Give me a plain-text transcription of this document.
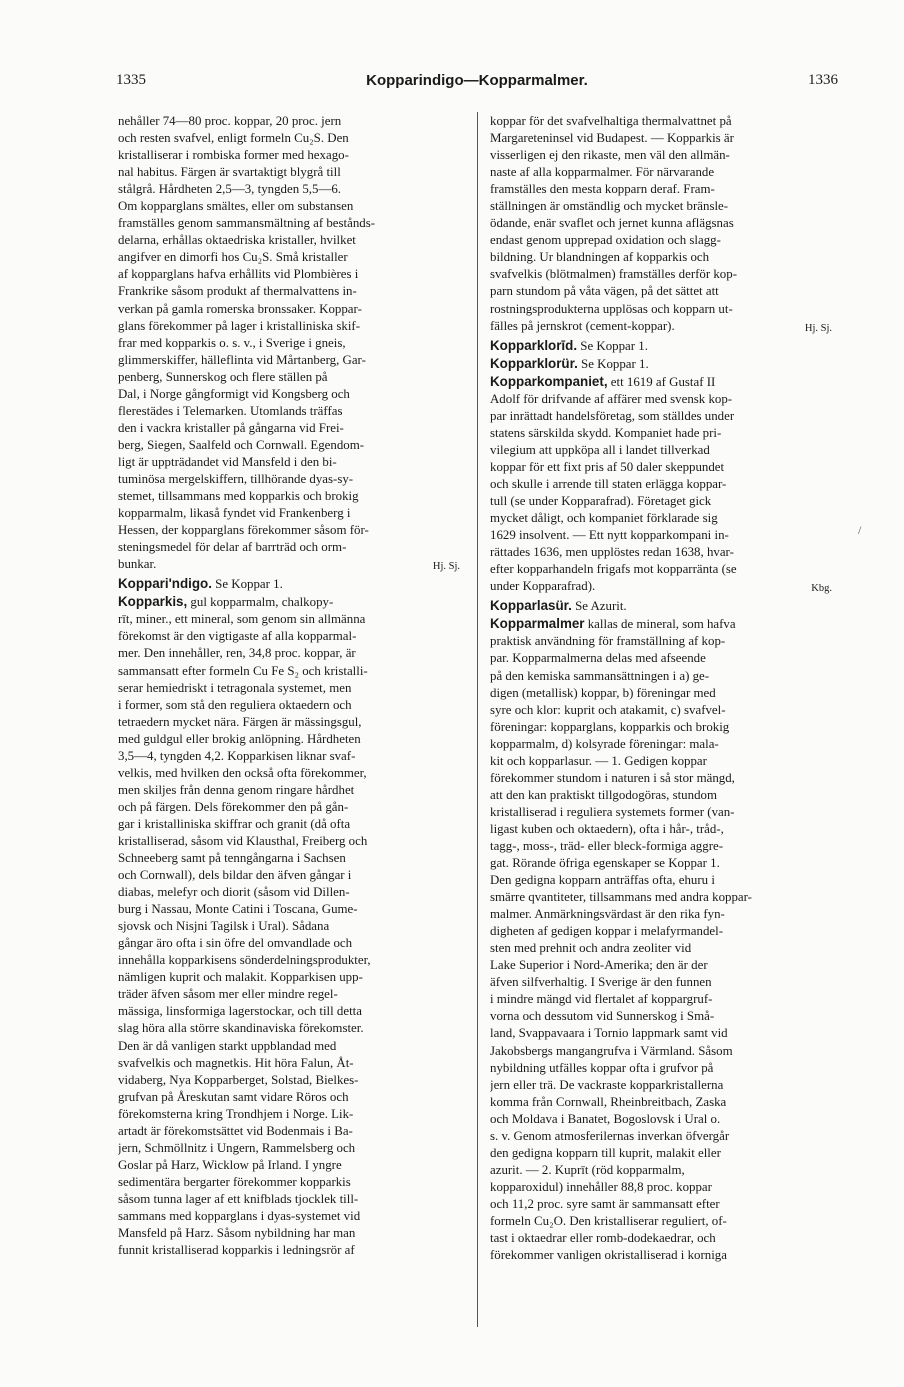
1335	Kopparindigo—Kopparmalmer.	1336

nehåller 74—80 proc. koppar, 20 proc. jern
och resten svafvel, enligt formeln Cu₂S. Den
kristalliserar i rombiska former med hexago-
nal habitus. Färgen är svartaktigt blygrå till
stålgrå. Hårdheten 2,5—3, tyngden 5,5—6.
Om kopparglans smältes, eller om substansen
framställes genom sammansmältning af bestånds-
delarna, erhållas oktaedriska kristaller, hvilket
angifver en dimorfi hos Cu₂S. Små kristaller
af kopparglans hafva erhållits vid Plombières i
Frankrike såsom produkt af thermalvattens in-
verkan på gamla romerska bronssaker. Koppar-
glans förekommer på lager i kristalliniska skif-
frar med kopparkis o. s. v., i Sverige i gneis,
glimmerskiffer, hälleflinta vid Mårtanberg, Gar-
penberg, Sunnerskog och flere ställen på
Dal, i Norge gångformigt vid Kongsberg och
flerestädes i Telemarken. Utomlands träffas
den i vackra kristaller på gångarna vid Frei-
berg, Siegen, Saalfeld och Cornwall. Egendom-
ligt är uppträdandet vid Mansfeld i den bi-
tuminösa mergelskiffern, tillhörande dyas-sy-
stemet, tillsammans med kopparkis och brokig
kopparmalm, likaså fyndet vid Frankenberg i
Hessen, der kopparglans förekommer såsom för-
steningsmedel för delar af barrträd och orm-
bunkar.	Hj. Sj.
Koppari'ndigo. Se Koppar 1.
Kopparkis, gul kopparmalm, chalkopy-
rīt, miner., ett mineral, som genom sin allmänna
förekomst är den vigtigaste af alla kopparmal-
mer. Den innehåller, ren, 34,8 proc. koppar, är
sammansatt efter formeln Cu Fe S₂ och kristalli-
serar hemiedriskt i tetragonala systemet, men
i former, som stå den reguliera oktaedern och
tetraedern mycket nära. Färgen är mässingsgul,
med guldgul eller brokig anlöpning. Hårdheten
3,5—4, tyngden 4,2. Kopparkisen liknar svaf-
velkis, med hvilken den också ofta förekommer,
men skiljes från denna genom ringare hårdhet
och på färgen. Dels förekommer den på gån-
gar i kristalliniska skiffrar och granit (då ofta
kristalliserad, såsom vid Klausthal, Freiberg och
Schneeberg samt på tenngångarna i Sachsen
och Cornwall), dels bildar den äfven gångar i
diabas, melefyr och diorit (såsom vid Dillen-
burg i Nassau, Monte Catini i Toscana, Gume-
sjovsk och Nisjni Tagilsk i Ural). Sådana
gångar äro ofta i sin öfre del omvandlade och
innehålla kopparkisens sönderdelningsprodukter,
nämligen kuprit och malakit. Kopparkisen upp-
träder äfven såsom mer eller mindre regel-
mässiga, linsformiga lagerstockar, och till detta
slag höra alla större skandinaviska förekomster.
Den är då vanligen starkt uppblandad med
svafvelkis och magnetkis. Hit höra Falun, Åt-
vidaberg, Nya Kopparberget, Solstad, Bielkes-
grufvan på Åreskutan samt vidare Röros och
förekomsterna kring Trondhjem i Norge. Lik-
artadt är förekomstsättet vid Bodenmais i Ba-
jern, Schmöllnitz i Ungern, Rammelsberg och
Goslar på Harz, Wicklow på Irland. I yngre
sedimentära bergarter förekommer kopparkis
såsom tunna lager af ett knifblads tjocklek till-
sammans med kopparglans i dyas-systemet vid
Mansfeld på Harz. Såsom nybildning har man
funnit kristalliserad kopparkis i ledningsrör af

koppar för det svafvelhaltiga thermalvattnet på
Margareteninsel vid Budapest. — Kopparkis är
visserligen ej den rikaste, men väl den allmän-
naste af alla kopparmalmer. För närvarande
framställes den mesta kopparn deraf. Fram-
ställningen är omständlig och mycket bränsle-
ödande, enär svaflet och jernet kunna aflägsnas
endast genom upprepad oxidation och slagg-
bildning. Ur blandningen af kopparkis och
svafvelkis (blötmalmen) framställes derför kop-
parn stundom på våta vägen, på det sättet att
rostningsprodukterna upplösas och kopparn ut-
fälles på jernskrot (cement-koppar).	Hj. Sj.
Kopparklorīd. Se Koppar 1.
Kopparklorür. Se Koppar 1.
Kopparkompaniet, ett 1619 af Gustaf II
Adolf för drifvande af affärer med svensk kop-
par inrättadt handelsföretag, som ställdes under
statens särskilda skydd. Kompaniet hade pri-
vilegium att uppköpa all i landet tillverkad
koppar för ett fixt pris af 50 daler skeppundet
och skulle i arrende till staten erlägga koppar-
tull (se under Kopparafrad). Företaget gick
mycket dåligt, och kompaniet förklarade sig
1629 insolvent. — Ett nytt kopparkompani in-
rättades 1636, men upplöstes redan 1638, hvar-
efter kopparhandeln frigafs mot kopparränta (se
under Kopparafrad).	Kbg.
Kopparlasür. Se Azurit.
Kopparmalmer kallas de mineral, som hafva
praktisk användning för framställning af kop-
par. Kopparmalmerna delas med afseende
på den kemiska sammansättningen i a) ge-
digen (metallisk) koppar, b) föreningar med
syre och klor: kuprit och atakamit, c) svafvel-
föreningar: kopparglans, kopparkis och brokig
kopparmalm, d) kolsyrade föreningar: mala-
kit och kopparlasur. — 1. Gedigen koppar
förekommer stundom i naturen i så stor mängd,
att den kan praktiskt tillgodogöras, stundom
kristalliserad i reguliera systemets former (van-
ligast kuben och oktaedern), ofta i hår-, tråd-,
tagg-, moss-, träd- eller bleck-formiga aggre-
gat. Rörande öfriga egenskaper se Koppar 1.
Den gedigna kopparn anträffas ofta, ehuru i
smärre qvantiteter, tillsammans med andra koppar-
malmer. Anmärkningsvärdast är den rika fyn-
digheten af gedigen koppar i melafyrmandel-
sten med prehnit och andra zeoliter vid
Lake Superior i Nord-Amerika; den är der
äfven silfverhaltig. I Sverige är den funnen
i mindre mängd vid flertalet af koppargruf-
vorna och dessutom vid Sunnerskog i Små-
land, Svappavaara i Tornio lappmark samt vid
Jakobsbergs mangangrufva i Värmland. Såsom
nybildning utfälles koppar ofta i grufvor på
jern eller trä. De vackraste kopparkristallerna
komma från Cornwall, Rheinbreitbach, Zaska
och Moldava i Banatet, Bogoslovsk i Ural o.
s. v. Genom atmosferilernas inverkan öfvergår
den gedigna kopparn till kuprit, malakit eller
azurit. — 2. Kuprīt (röd kopparmalm,
kopparoxidul) innehåller 88,8 proc. koppar
och 11,2 proc. syre samt är sammansatt efter
formeln Cu₂O. Den kristalliserar reguliert, of-
tast i oktaedrar eller romb-dodekaedrar, och
förekommer vanligen okristalliserad i korniga

/
